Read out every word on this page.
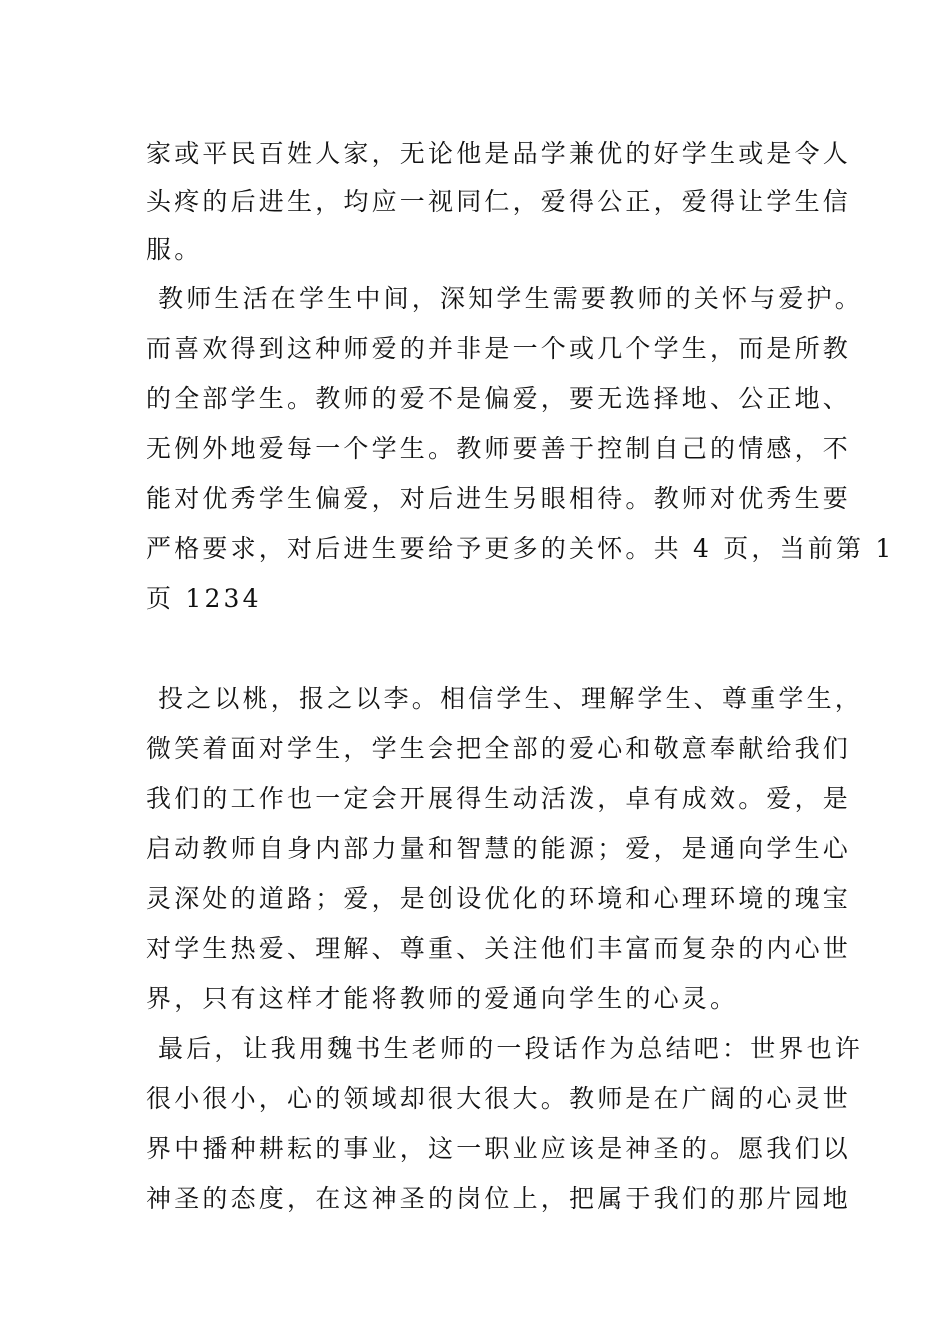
家或平民百姓人家，无论他是品学兼优的好学生或是令人
头疼的后进生，均应一视同仁，爱得公正，爱得让学生信
服。
教师生活在学生中间，深知学生需要教师的关怀与爱护。
而喜欢得到这种师爱的并非是一个或几个学生，而是所教
的全部学生。教师的爱不是偏爱，要无选择地、公正地、
无例外地爱每一个学生。教师要善于控制自己的情感，不
能对优秀学生偏爱，对后进生另眼相待。教师对优秀生要
严格要求，对后进生要给予更多的关怀。共 4 页，当前第 1
页 1234
投之以桃，报之以李。相信学生、理解学生、尊重学生，
微笑着面对学生，学生会把全部的爱心和敬意奉献给我们
我们的工作也一定会开展得生动活泼，卓有成效。爱，是
启动教师自身内部力量和智慧的能源；爱，是通向学生心
灵深处的道路；爱，是创设优化的环境和心理环境的瑰宝
对学生热爱、理解、尊重、关注他们丰富而复杂的内心世
界，只有这样才能将教师的爱通向学生的心灵。
最后，让我用魏书生老师的一段话作为总结吧：世界也许
很小很小，心的领域却很大很大。教师是在广阔的心灵世
界中播种耕耘的事业，这一职业应该是神圣的。愿我们以
神圣的态度，在这神圣的岗位上，把属于我们的那片园地
